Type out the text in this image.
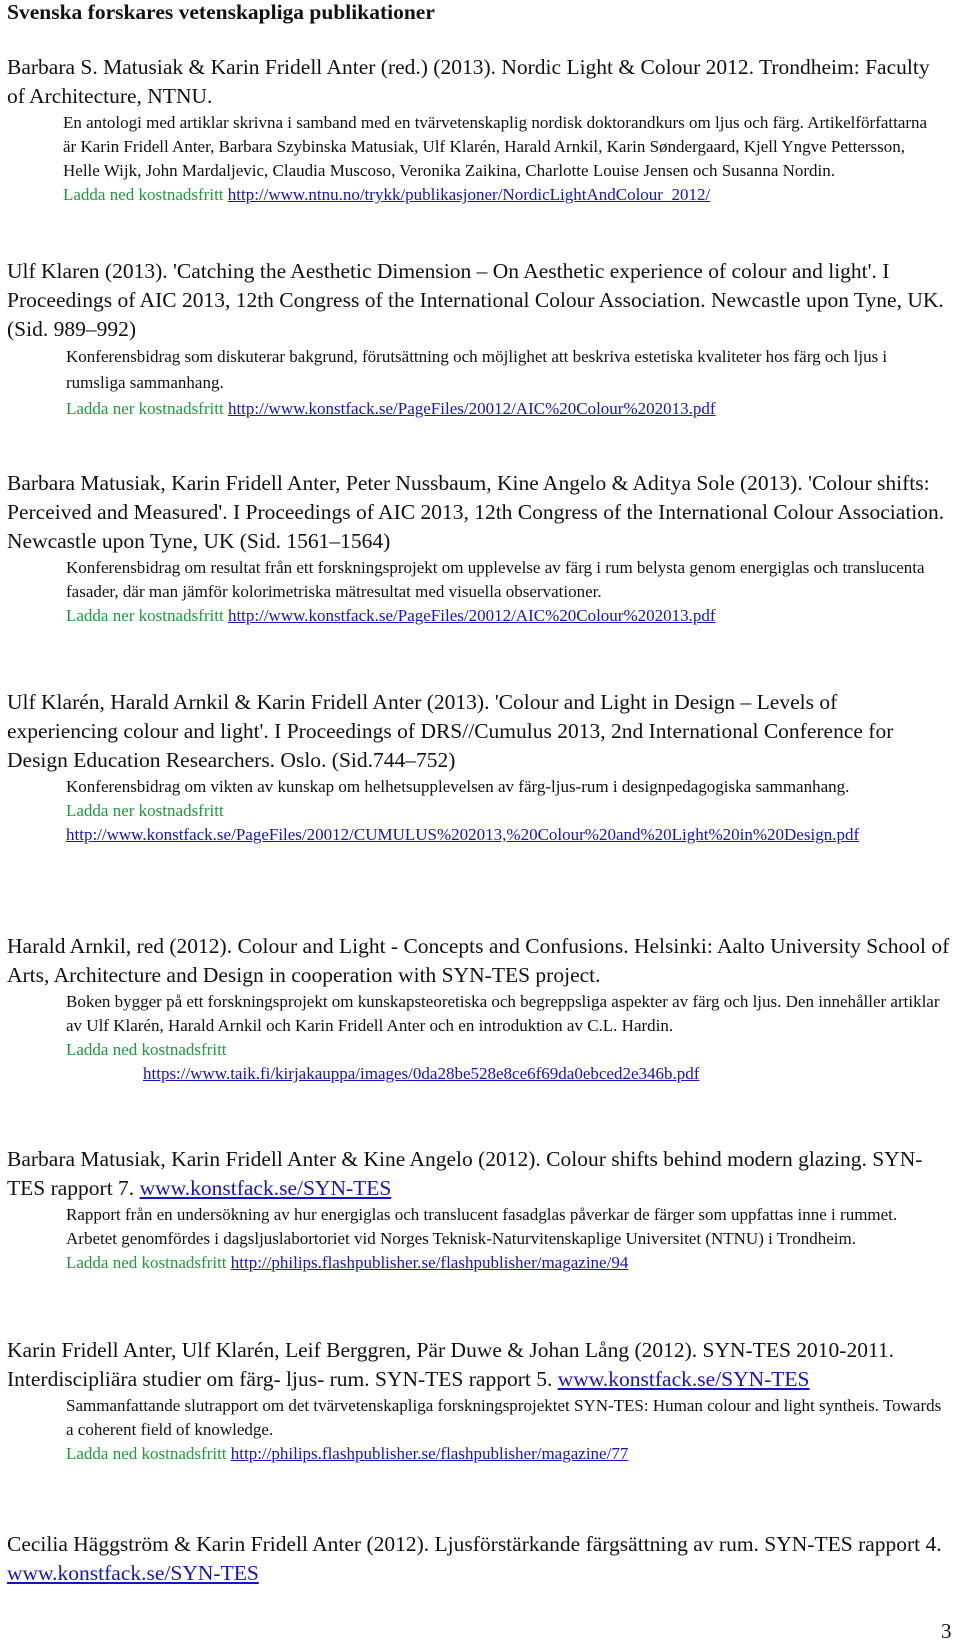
Svenska forskares vetenskapliga publikationer
Barbara S. Matusiak & Karin Fridell Anter (red.) (2013). Nordic Light & Colour 2012. Trondheim: Faculty of Architecture, NTNU.
En antologi med artiklar skrivna i samband med en tvärvetenskaplig nordisk doktorandkurs om ljus och färg. Artikelförfattarna är Karin Fridell Anter, Barbara Szybinska Matusiak, Ulf Klarén, Harald Arnkil, Karin Søndergaard, Kjell Yngve Pettersson, Helle Wijk, John Mardaljevic, Claudia Muscoso, Veronika Zaikina, Charlotte Louise Jensen och Susanna Nordin.
Ladda ned kostnadsfritt http://www.ntnu.no/trykk/publikasjoner/NordicLightAndColour_2012/
Ulf Klaren (2013). 'Catching the Aesthetic Dimension – On Aesthetic experience of colour and light'. I Proceedings of AIC 2013, 12th Congress of the International Colour Association. Newcastle upon Tyne, UK. (Sid. 989–992)
Konferensbidrag som diskuterar bakgrund, förutsättning och möjlighet att beskriva estetiska kvaliteter hos färg och ljus i rumsliga sammanhang.
Ladda ner kostnadsfritt http://www.konstfack.se/PageFiles/20012/AIC%20Colour%202013.pdf
Barbara Matusiak, Karin Fridell Anter, Peter Nussbaum, Kine Angelo & Aditya Sole (2013). 'Colour shifts: Perceived and Measured'. I Proceedings of AIC 2013, 12th Congress of the International Colour Association. Newcastle upon Tyne, UK (Sid. 1561–1564)
Konferensbidrag om resultat från ett forskningsprojekt om upplevelse av färg i rum belysta genom energiglas och translucenta fasader, där man jämför kolorimetriska mätresultat med visuella observationer.
Ladda ner kostnadsfritt http://www.konstfack.se/PageFiles/20012/AIC%20Colour%202013.pdf
Ulf Klarén, Harald Arnkil & Karin Fridell Anter (2013). 'Colour and Light in Design – Levels of experiencing colour and light'. I Proceedings of DRS//Cumulus 2013, 2nd International Conference for Design Education Researchers. Oslo. (Sid.744–752)
Konferensbidrag om vikten av kunskap om helhetsupplevelsen av färg-ljus-rum i designpedagogiska sammanhang.
Ladda ner kostnadsfritt
http://www.konstfack.se/PageFiles/20012/CUMULUS%202013,%20Colour%20and%20Light%20in%20Design.pdf
Harald Arnkil, red (2012). Colour and Light - Concepts and Confusions. Helsinki: Aalto University School of Arts, Architecture and Design in cooperation with SYN-TES project.
Boken bygger på ett forskningsprojekt om kunskapsteoretiska och begreppsliga aspekter av färg och ljus. Den innehåller artiklar av Ulf Klarén, Harald Arnkil och Karin Fridell Anter och en introduktion av C.L. Hardin.
Ladda ned kostnadsfritt
https://www.taik.fi/kirjakauppa/images/0da28be528e8ce6f69da0ebced2e346b.pdf
Barbara Matusiak, Karin Fridell Anter & Kine Angelo (2012). Colour shifts behind modern glazing. SYN-TES rapport 7. www.konstfack.se/SYN-TES
Rapport från en undersökning av hur energiglas och translucent fasadglas påverkar de färger som uppfattas inne i rummet. Arbetet genomfördes i dagsljuslabortoriet vid Norges Teknisk-Naturvitenskaplige Universitet (NTNU) i Trondheim.
Ladda ned kostnadsfritt http://philips.flashpublisher.se/flashpublisher/magazine/94
Karin Fridell Anter, Ulf Klarén, Leif Berggren, Pär Duwe & Johan Lång (2012). SYN-TES 2010-2011. Interdiscipliära studier om färg- ljus- rum. SYN-TES rapport 5. www.konstfack.se/SYN-TES
Sammanfattande slutrapport om det tvärvetenskapliga forskningsprojektet SYN-TES: Human colour and light syntheis. Towards a coherent field of knowledge.
Ladda ned kostnadsfritt http://philips.flashpublisher.se/flashpublisher/magazine/77
Cecilia Häggström & Karin Fridell Anter (2012). Ljusförstärkande färgsättning av rum. SYN-TES rapport 4. www.konstfack.se/SYN-TES
3
